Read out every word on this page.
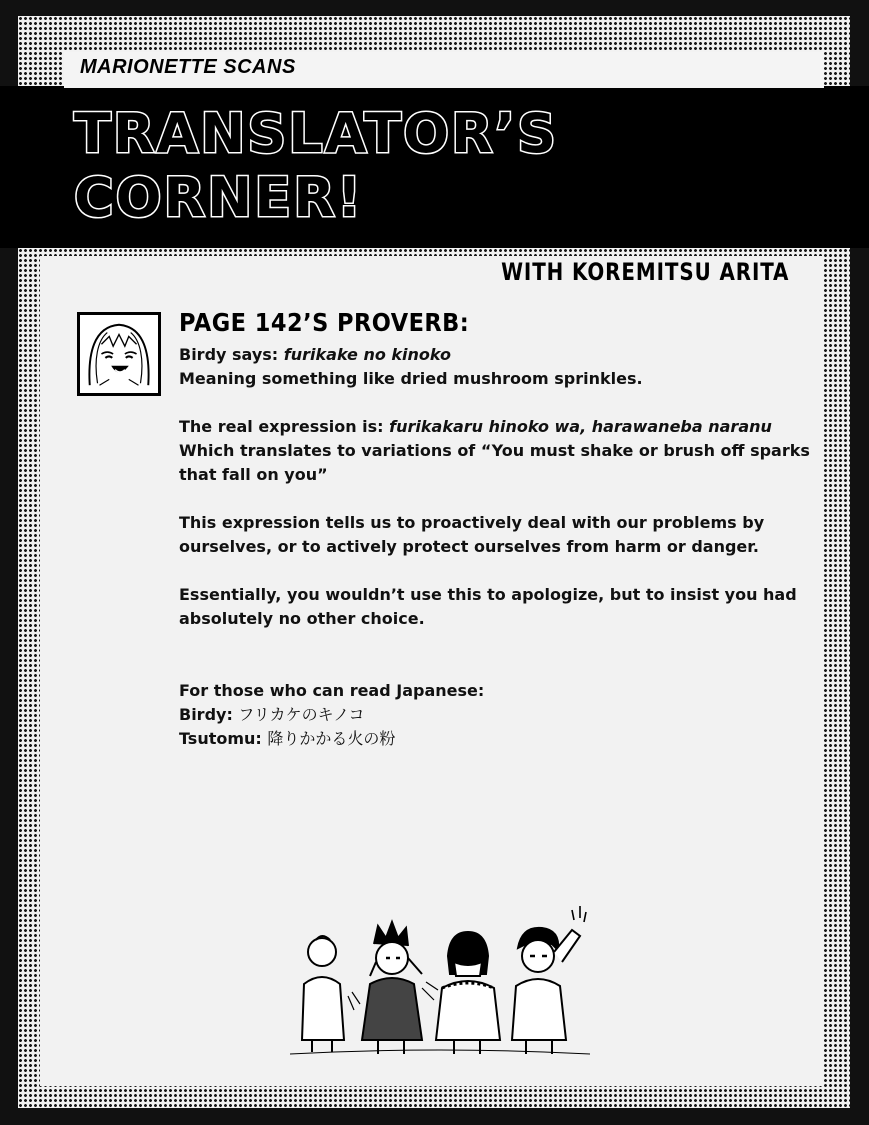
MARIONETTE SCANS
TRANSLATOR’S
CORNER!
WITH KOREMITSU ARITA
PAGE 142’S PROVERB:

Birdy says: furikake no kinoko

Meaning something like dried mushroom sprinkles.

The real expression is: furikakaru hinoko wa, harawaneba naranu

Which translates to variations of “You must shake or brush off sparks

that fall on you”

This expression tells us to proactively deal with our problems by

ourselves, or to actively protect ourselves from harm or danger.

Essentially, you wouldn’t use this to apologize, but to insist you had

absolutely no other choice.

For those who can read Japanese:

Birdy: フリカケのキノコ

Tsutomu: 降りかかる火の粉
